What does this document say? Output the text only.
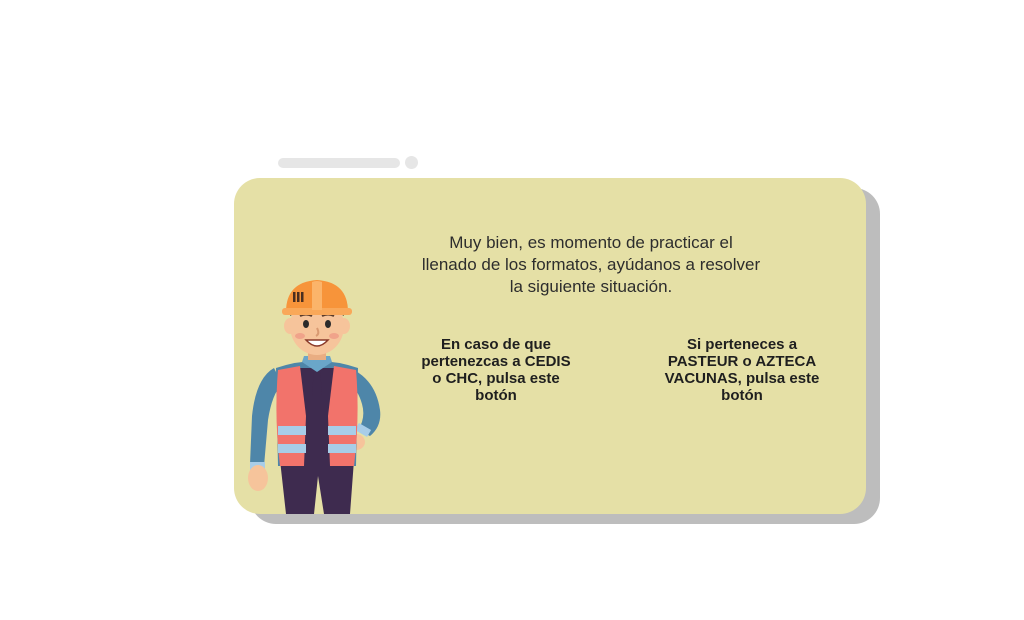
Muy bien, es momento de practicar el
llenado de los formatos, ayúdanos a resolver
la siguiente situación.

En caso de que
pertenezcas a CEDIS
o CHC, pulsa este
botón
Si perteneces a
PASTEUR o AZTECA
VACUNAS, pulsa este
botón
